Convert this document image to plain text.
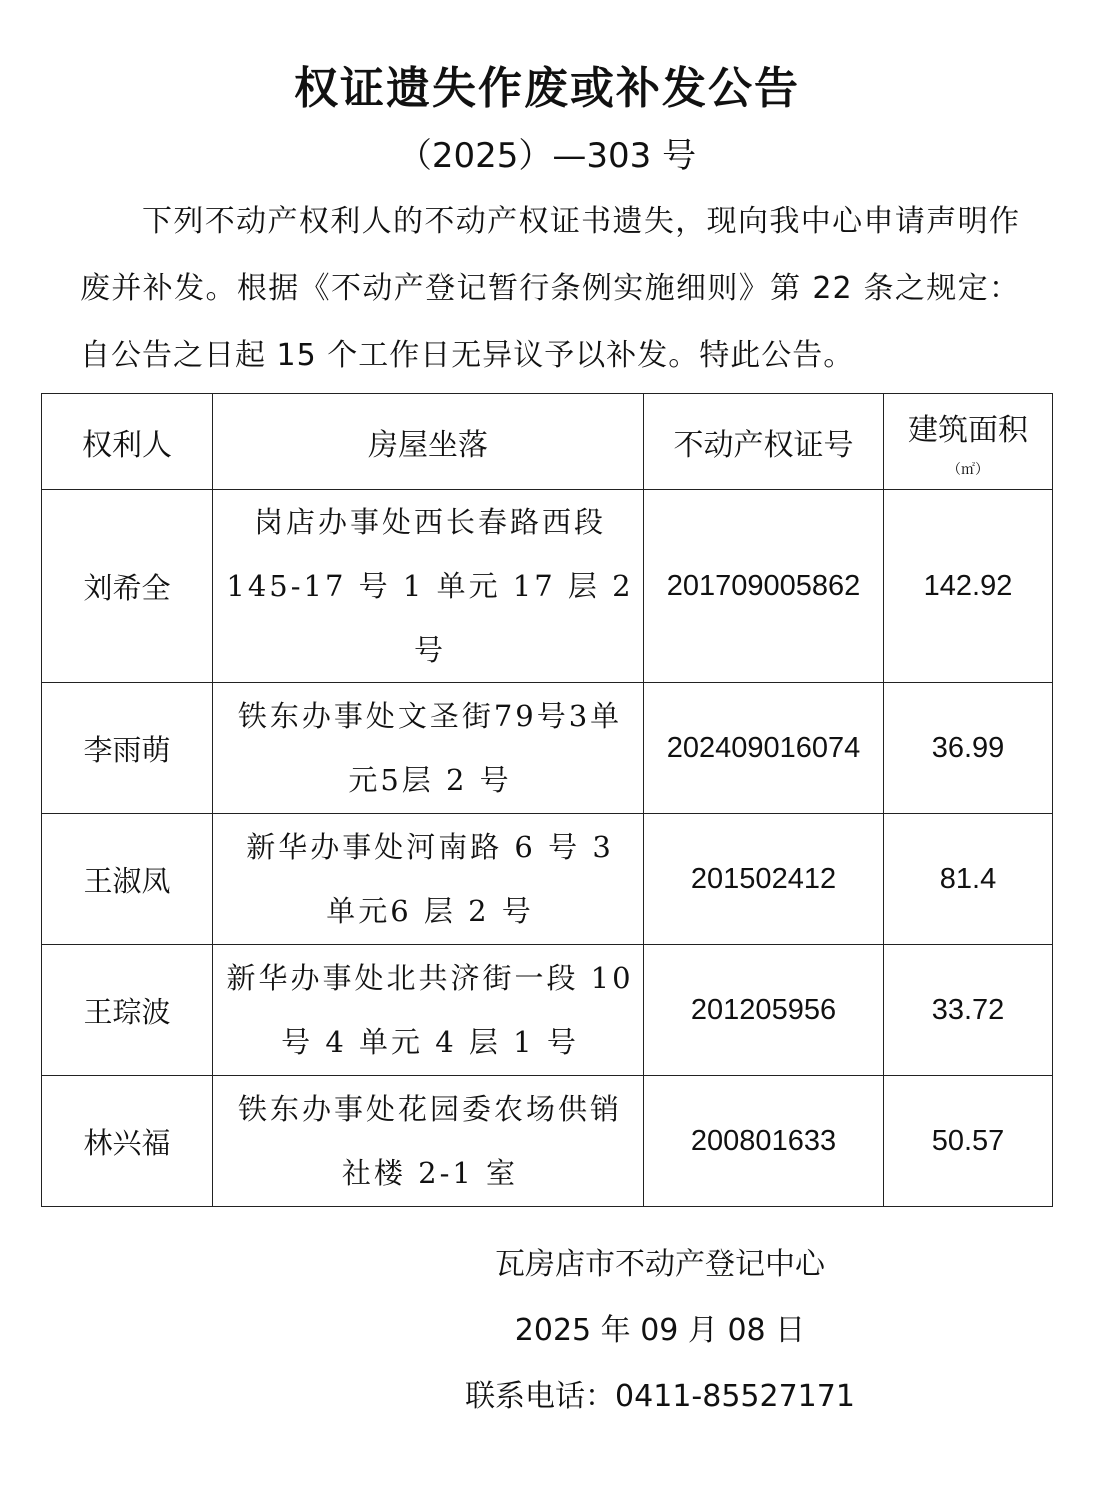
权证遗失作废或补发公告
（2025）—303 号
下列不动产权利人的不动产权证书遗失，现向我中心申请声明作废并补发。根据《不动产登记暂行条例实施细则》第 22 条之规定：自公告之日起 15 个工作日无异议予以补发。特此公告。
权利人	房屋坐落	不动产权证号	建筑面积
（㎡）

刘希全	岗店办事处西长春路西段145-17 号 1 单元 17 层 2 号	201709005862	142.92
李雨萌	铁东办事处文圣街79号3单元5层 2 号	202409016074	36.99
王淑凤	新华办事处河南路 6 号 3 单元6 层 2 号	201502412	81.4
王琮波	新华办事处北共济街一段 10号 4 单元 4 层 1 号	201205956	33.72
林兴福	铁东办事处花园委农场供销社楼 2-1 室	200801633	50.57
瓦房店市不动产登记中心
2025 年 09 月 08 日
联系电话：0411-85527171
